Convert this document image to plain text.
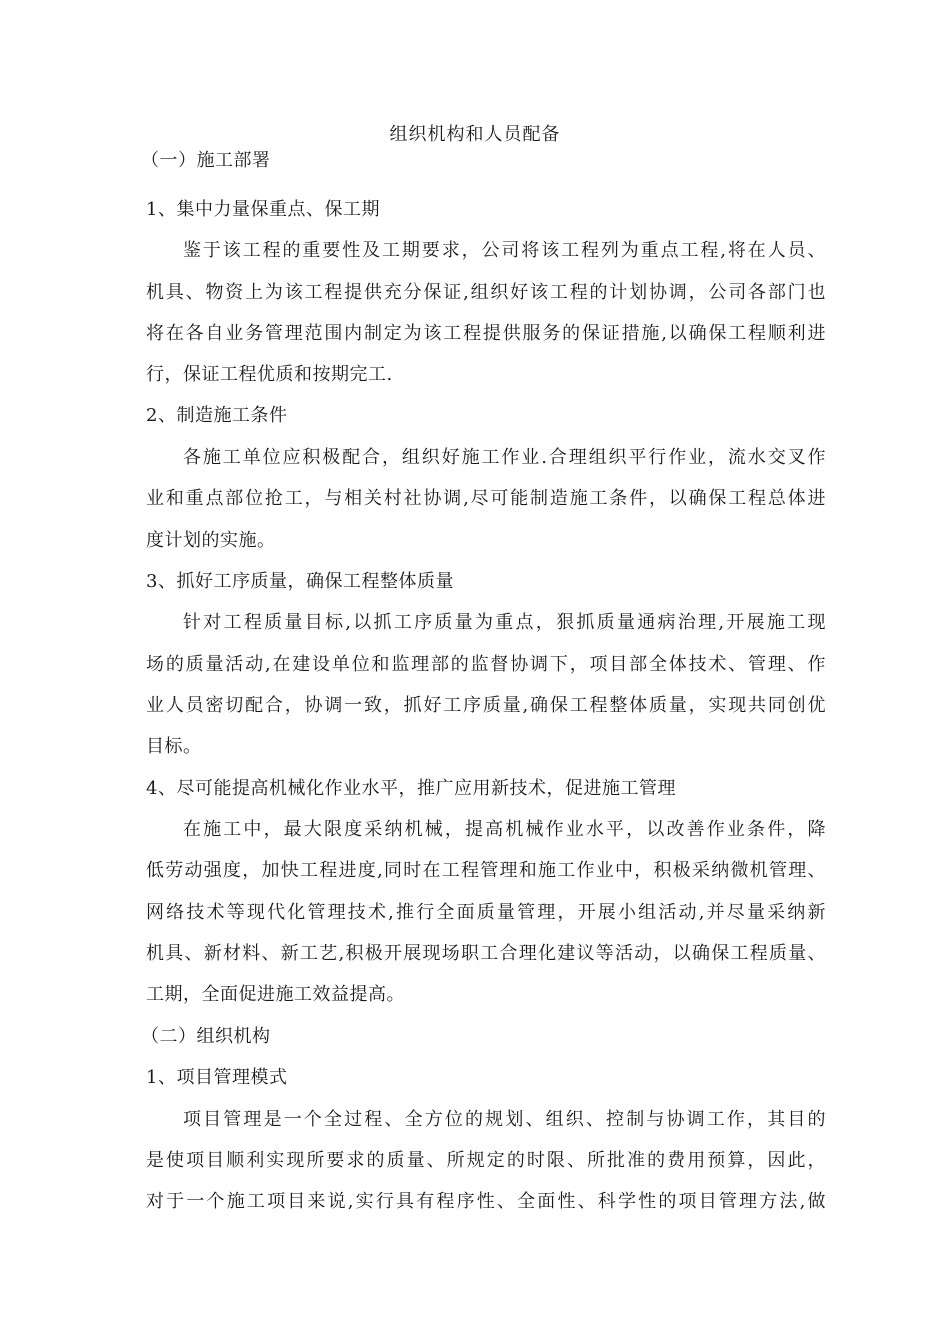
组织机构和人员配备
（一）施工部署
1、集中力量保重点、保工期
鉴于该工程的重要性及工期要求，公司将该工程列为重点工程,将在人员、
机具、物资上为该工程提供充分保证,组织好该工程的计划协调，公司各部门也
将在各自业务管理范围内制定为该工程提供服务的保证措施,以确保工程顺利进
行，保证工程优质和按期完工.
2、制造施工条件
各施工单位应积极配合，组织好施工作业.合理组织平行作业，流水交叉作
业和重点部位抢工，与相关村社协调,尽可能制造施工条件，以确保工程总体进
度计划的实施。
3、抓好工序质量，确保工程整体质量
针对工程质量目标,以抓工序质量为重点，狠抓质量通病治理,开展施工现
场的质量活动,在建设单位和监理部的监督协调下，项目部全体技术、管理、作
业人员密切配合，协调一致，抓好工序质量,确保工程整体质量，实现共同创优
目标。
4、尽可能提高机械化作业水平，推广应用新技术，促进施工管理
在施工中，最大限度采纳机械，提高机械作业水平，以改善作业条件，降
低劳动强度，加快工程进度,同时在工程管理和施工作业中，积极采纳微机管理、
网络技术等现代化管理技术,推行全面质量管理，开展小组活动,并尽量采纳新
机具、新材料、新工艺,积极开展现场职工合理化建议等活动，以确保工程质量、
工期，全面促进施工效益提高。
（二）组织机构
1、项目管理模式
项目管理是一个全过程、全方位的规划、组织、控制与协调工作，其目的
是使项目顺利实现所要求的质量、所规定的时限、所批准的费用预算，因此，
对于一个施工项目来说,实行具有程序性、全面性、科学性的项目管理方法,做
